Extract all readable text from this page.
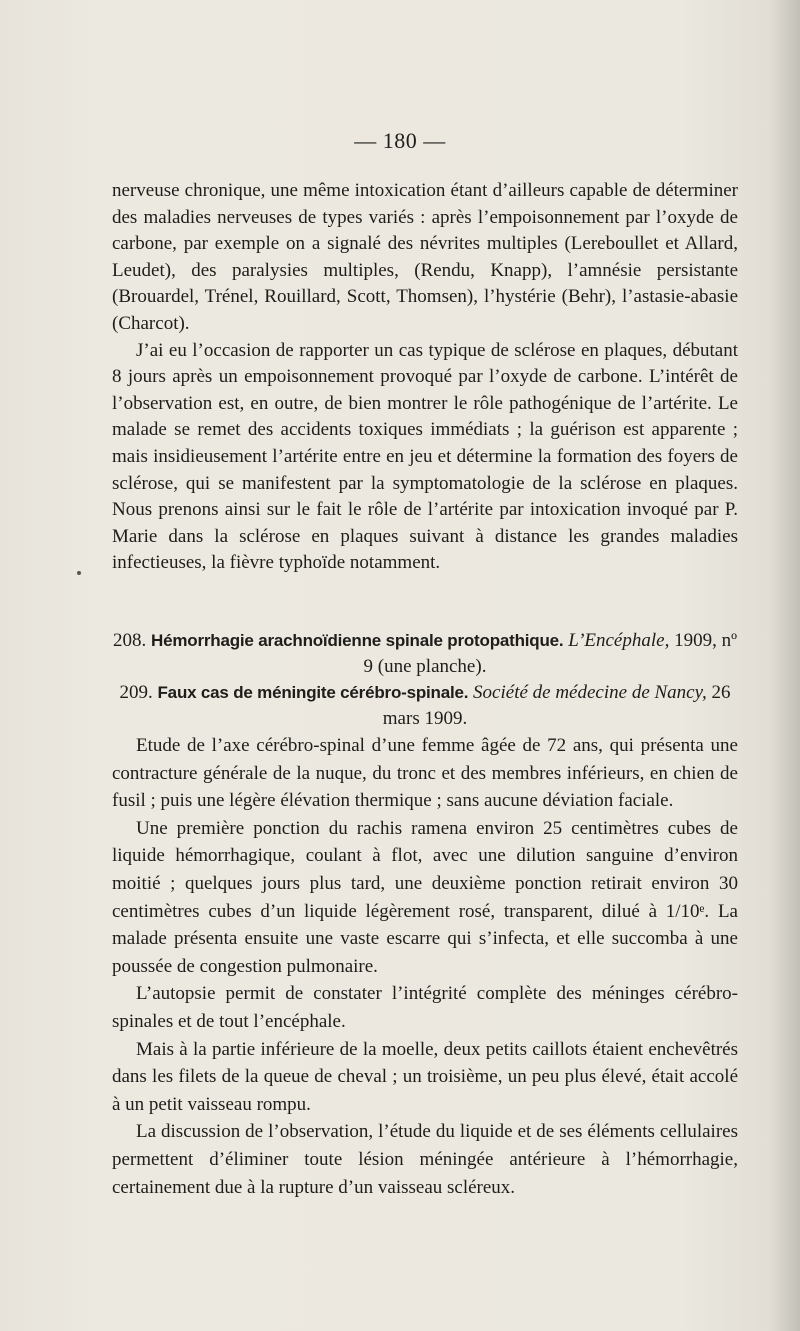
— 180 —

nerveuse chronique, une même intoxication étant d’ailleurs capable de déterminer des maladies nerveuses de types variés : après l’empoisonnement par l’oxyde de carbone, par exemple on a signalé des névrites multiples (Lereboullet et Allard, Leudet), des paralysies multiples, (Rendu, Knapp), l’amnésie persistante (Brouardel, Trénel, Rouillard, Scott, Thomsen), l’hystérie (Behr), l’astasie-abasie (Charcot).

J’ai eu l’occasion de rapporter un cas typique de sclérose en plaques, débutant 8 jours après un empoisonnement provoqué par l’oxyde de carbone. L’intérêt de l’observation est, en outre, de bien montrer le rôle pathogénique de l’artérite. Le malade se remet des accidents toxiques immédiats ; la guérison est apparente ; mais insidieusement l’artérite entre en jeu et détermine la formation des foyers de sclérose, qui se manifestent par la symptomatologie de la sclérose en plaques. Nous prenons ainsi sur le fait le rôle de l’artérite par intoxication invoqué par P. Marie dans la sclérose en plaques suivant à distance les grandes maladies infectieuses, la fièvre typhoïde notamment.

208. Hémorrhagie arachnoïdienne spinale protopathique. L’Encéphale, 1909, nº 9 (une planche).
209. Faux cas de méningite cérébro-spinale. Société de médecine de Nancy, 26 mars 1909.

Etude de l’axe cérébro-spinal d’une femme âgée de 72 ans, qui présenta une contracture générale de la nuque, du tronc et des membres inférieurs, en chien de fusil ; puis une légère élévation thermique ; sans aucune déviation faciale.

Une première ponction du rachis ramena environ 25 centimètres cubes de liquide hémorrhagique, coulant à flot, avec une dilution sanguine d’environ moitié ; quelques jours plus tard, une deuxième ponction retirait environ 30 centimètres cubes d’un liquide légèrement rosé, transparent, dilué à 1/10ᵉ. La malade présenta ensuite une vaste escarre qui s’infecta, et elle succomba à une poussée de congestion pulmonaire.

L’autopsie permit de constater l’intégrité complète des méninges cérébro-spinales et de tout l’encéphale.

Mais à la partie inférieure de la moelle, deux petits caillots étaient enchevêtrés dans les filets de la queue de cheval ; un troisième, un peu plus élevé, était accolé à un petit vaisseau rompu.

La discussion de l’observation, l’étude du liquide et de ses éléments cellulaires permettent d’éliminer toute lésion méningée antérieure à l’hémorrhagie, certainement due à la rupture d’un vaisseau scléreux.
